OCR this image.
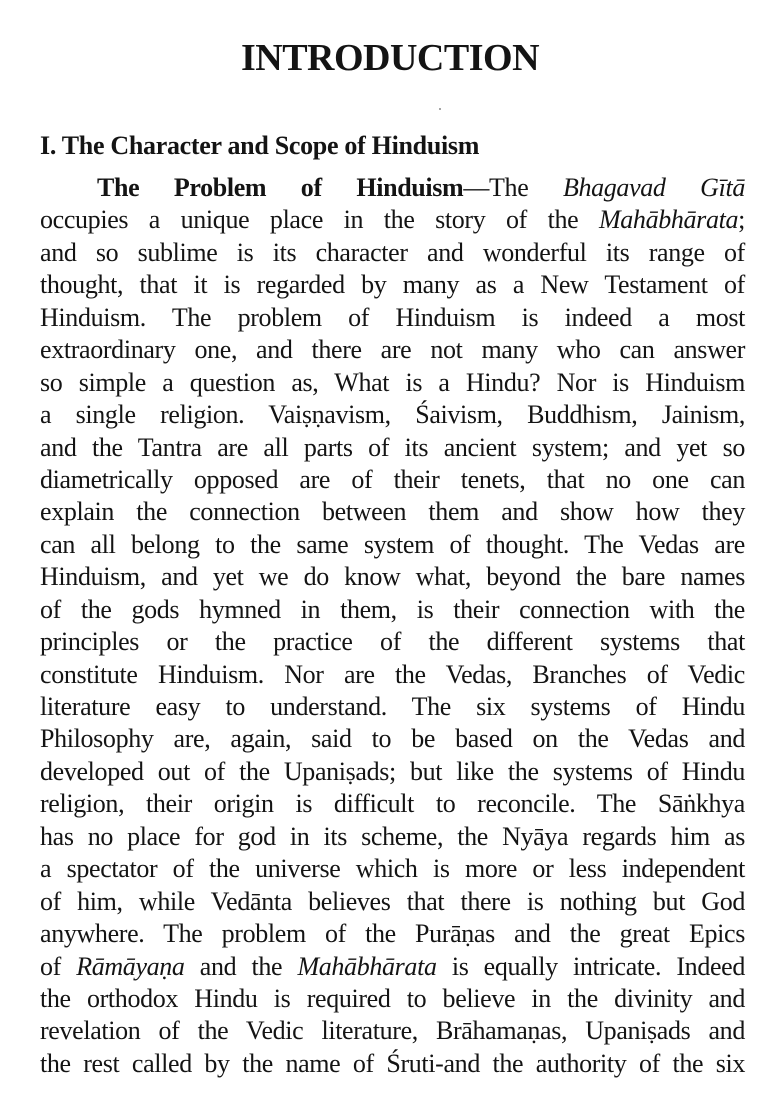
INTRODUCTION
I. The Character and Scope of Hinduism
The Problem of Hinduism—The Bhagavad Gītā
occupies a unique place in the story of the Mahābhārata;
and so sublime is its character and wonderful its range of
thought, that it is regarded by many as a New Testament of
Hinduism. The problem of Hinduism is indeed a most
extraordinary one, and there are not many who can answer
so simple a question as, What is a Hindu? Nor is Hinduism
a single religion. Vaiṣṇavism, Śaivism, Buddhism, Jainism,
and the Tantra are all parts of its ancient system; and yet so
diametrically opposed are of their tenets, that no one can
explain the connection between them and show how they
can all belong to the same system of thought. The Vedas are
Hinduism, and yet we do know what, beyond the bare names
of the gods hymned in them, is their connection with the
principles or the practice of the different systems that
constitute Hinduism. Nor are the Vedas, Branches of Vedic
literature easy to understand. The six systems of Hindu
Philosophy are, again, said to be based on the Vedas and
developed out of the Upaniṣads; but like the systems of Hindu
religion, their origin is difficult to reconcile. The Sāṅkhya
has no place for god in its scheme, the Nyāya regards him as
a spectator of the universe which is more or less independent
of him, while Vedānta believes that there is nothing but God
anywhere. The problem of the Purāṇas and the great Epics
of Rāmāyaṇa and the Mahābhārata is equally intricate. Indeed
the orthodox Hindu is required to believe in the divinity and
revelation of the Vedic literature, Brāhamaṇas, Upaniṣads and
the rest called by the name of Śruti-and the authority of the six
